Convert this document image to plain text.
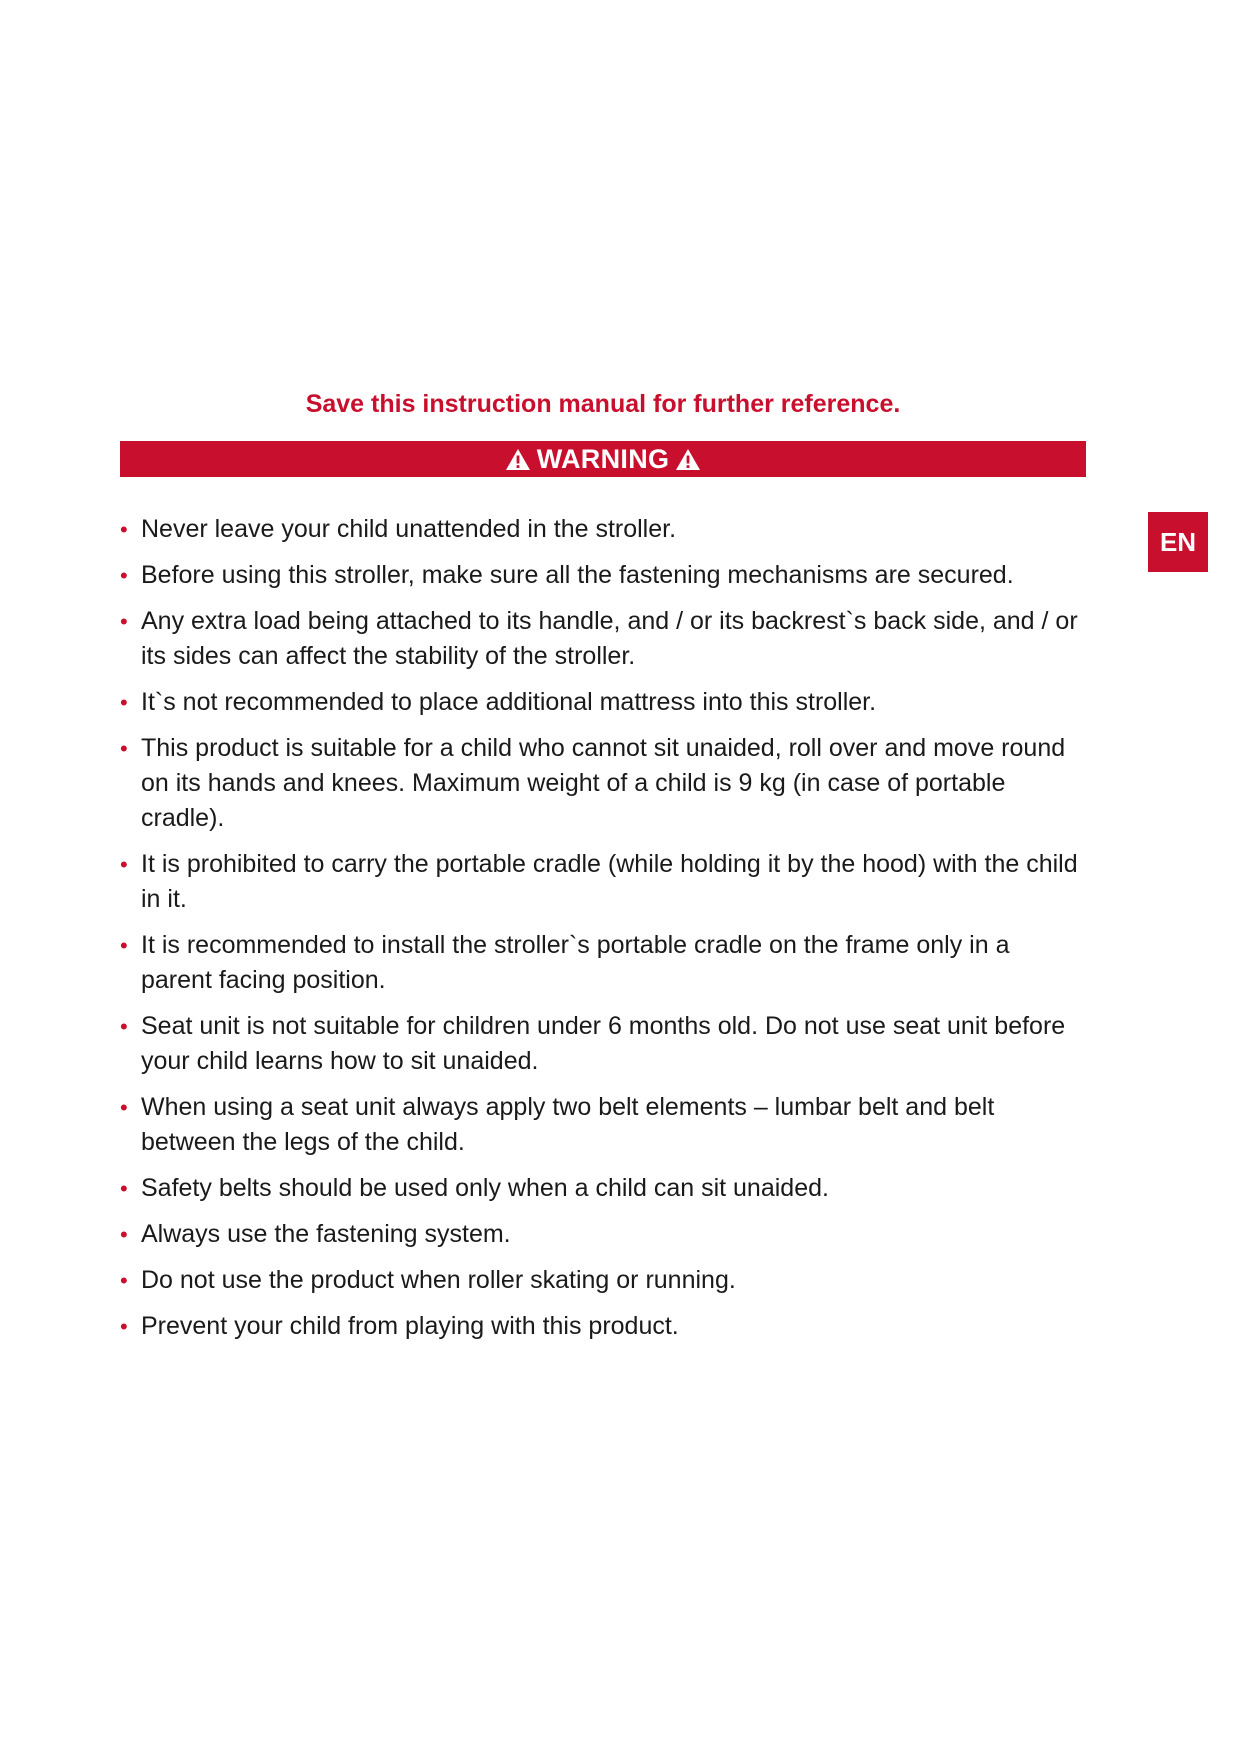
Save this instruction manual for further reference.
WARNING
EN
• Never leave your child unattended in the stroller.
• Before using this stroller, make sure all the fastening mechanisms are secured.
• Any extra load being attached to its handle, and / or its backrest`s back side, and / or its sides can affect the stability of the stroller.
• It`s not recommended to place additional mattress into this stroller.
• This product is suitable for a child who cannot sit unaided, roll over and move round on its hands and knees. Maximum weight of a child is 9 kg (in case of portable cradle).
• It is prohibited to carry the portable cradle (while holding it by the hood) with the child in it.
• It is recommended to install the stroller`s portable cradle on the frame only in a parent facing position.
• Seat unit is not suitable for children under 6 months old. Do not use seat unit before your child learns how to sit unaided.
• When using a seat unit always apply two belt elements – lumbar belt and belt between the legs of the child.
• Safety belts should be used only when a child can sit unaided.
• Always use the fastening system.
• Do not use the product when roller skating or running.
• Prevent your child from playing with this product.
